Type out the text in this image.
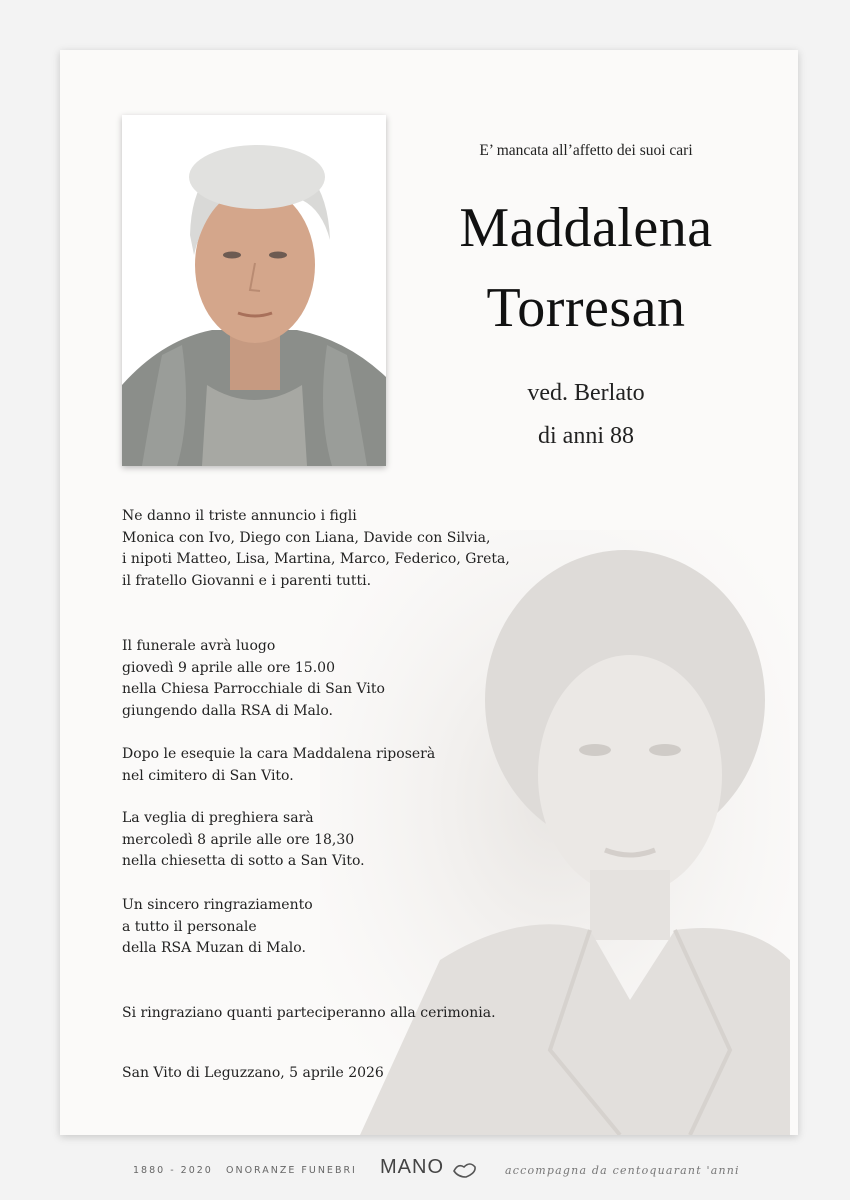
E’ mancata all’affetto dei suoi cari
Maddalena
Torresan
ved. Berlato
di anni 88
Ne danno il triste annuncio i figli
Monica con Ivo, Diego con Liana, Davide con Silvia,
i nipoti Matteo, Lisa, Martina, Marco, Federico, Greta,
il fratello Giovanni e i parenti tutti.
Il funerale avrà luogo
giovedì 9 aprile alle ore 15.00
nella Chiesa Parrocchiale di San Vito
giungendo dalla RSA di Malo.
Dopo le esequie la cara Maddalena riposerà
nel cimitero di San Vito.
La veglia di preghiera sarà
mercoledì 8 aprile alle ore 18,30
nella chiesetta di sotto a San Vito.
Un sincero ringraziamento
a tutto il personale
della RSA Muzan di Malo.
Si ringraziano quanti parteciperanno alla cerimonia.
San Vito di Leguzzano, 5 aprile 2026
1880 - 2020 ONORANZE FUNEBRI MANO	accompagna da centoquarant 'anni
